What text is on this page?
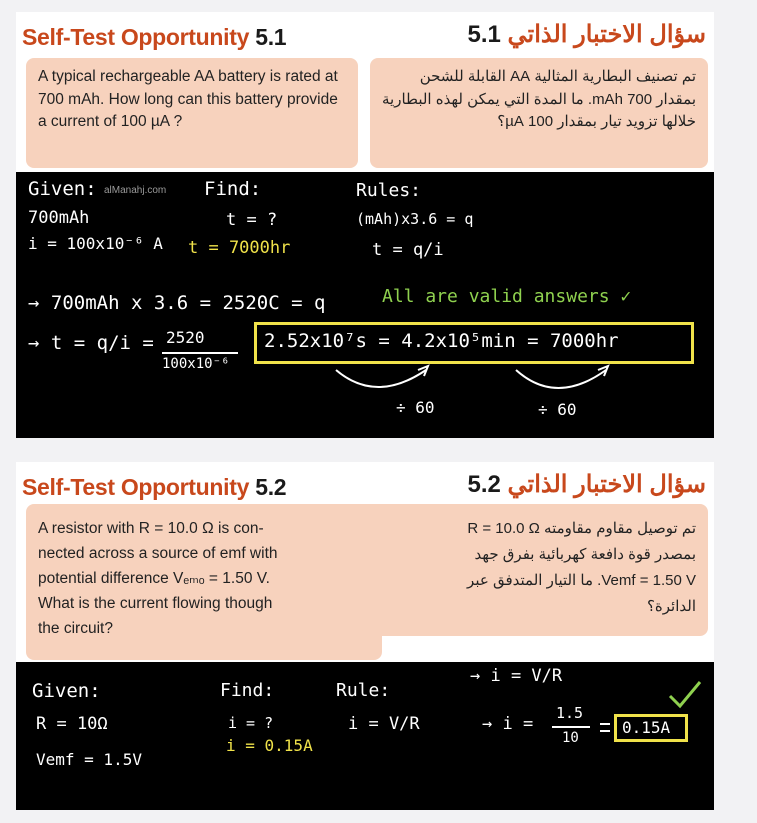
Self-Test Opportunity 5.1	سؤال الاختبار الذاتي 5.1
A typical rechargeable AA battery is rated at 700 mAh. How long can this battery provide a current of 100 µA ?
تم تصنيف البطارية المثالية AA القابلة للشحن بمقدار 700 mAh. ما المدة التي يمكن لهذه البطارية خلالها تزويد تيار بمقدار 100 µA؟
Given: alManahj.com
700mAh
i = 100x10⁻⁶ A
Find:
t = ?
t = 7000hr
Rules:
(mAh)x3.6 = q
t = q/i
→ 700mAh x 3.6 = 2520C = q	All are valid answers ✓
→ t = q/i = 2520
100x10⁻⁶
2.52x10⁷s = 4.2x10⁵min = 7000hr
÷ 60	÷ 60
Self-Test Opportunity 5.2	سؤال الاختبار الذاتي 5.2
A resistor with R = 10.0 Ω is con-
nected across a source of emf with
potential difference Vₑₘₒ = 1.50 V.
What is the current flowing though
the circuit?
تم توصيل مقاوم مقاومته R = 10.0 Ω
بمصدر قوة دافعة كهربائية بفرق جهد
Vemf = 1.50 V. ما التيار المتدفق عبر
الدائرة؟
Given:
R = 10Ω
Vemf = 1.5V
Find:
i = ?
i = 0.15A
Rule:
i = V/R
→ i = V/R
→ i =
1.5
10
0.15A
